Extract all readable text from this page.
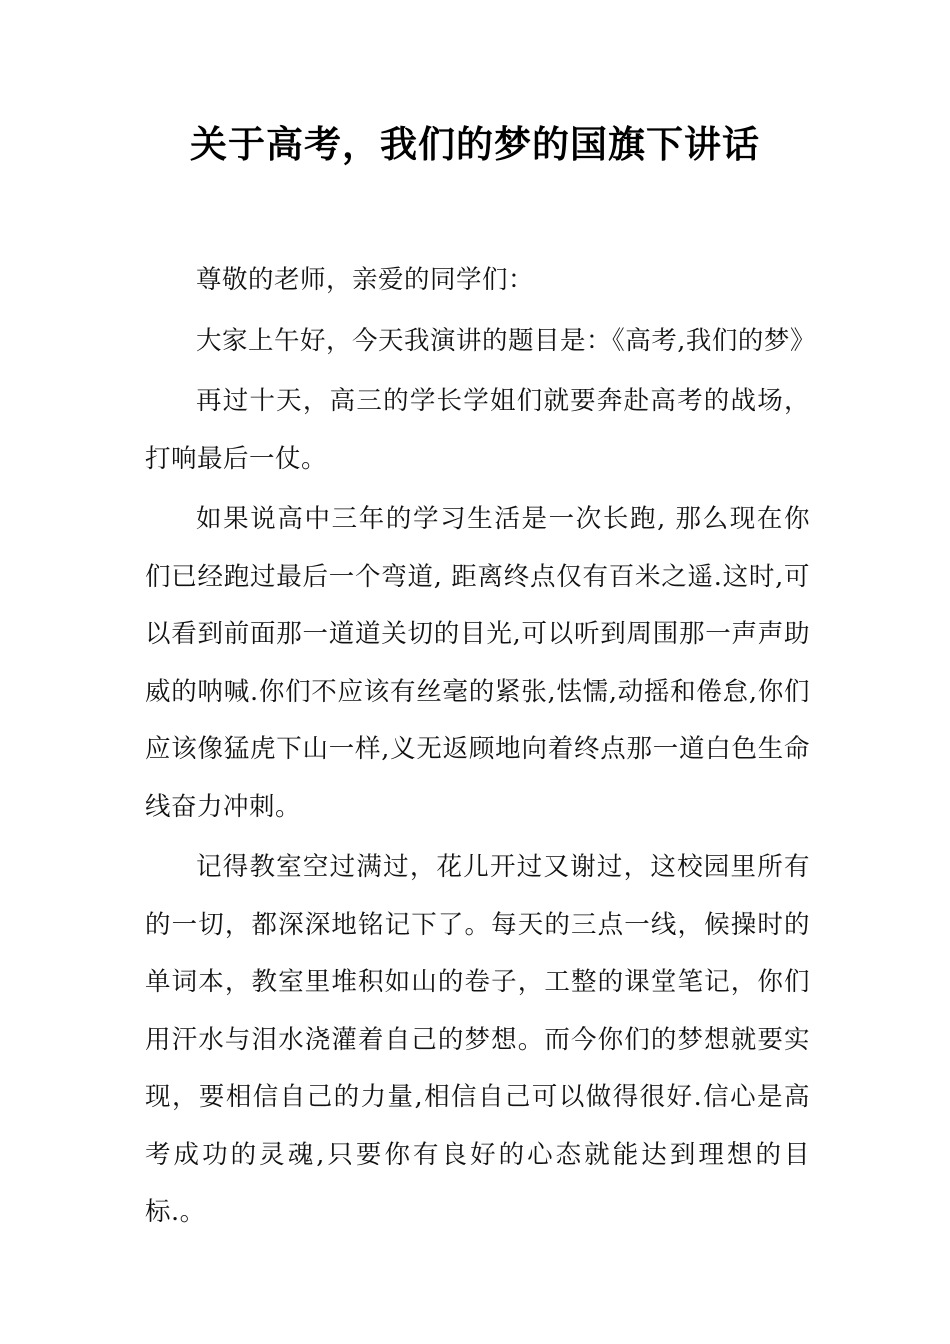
关于高考，我们的梦的国旗下讲话

尊敬的老师，亲爱的同学们：

大家上午好，今天我演讲的题目是：《高考,我们的梦》

再过十天，高三的学长学姐们就要奔赴高考的战场，打响最后一仗。

如果说高中三年的学习生活是一次长跑, 那么现在你们已经跑过最后一个弯道, 距离终点仅有百米之遥.这时,可以看到前面那一道道关切的目光,可以听到周围那一声声助威的呐喊.你们不应该有丝毫的紧张,怯懦,动摇和倦怠,你们应该像猛虎下山一样,义无返顾地向着终点那一道白色生命线奋力冲刺。

记得教室空过满过，花儿开过又谢过，这校园里所有的一切，都深深地铭记下了。每天的三点一线，候操时的单词本，教室里堆积如山的卷子，工整的课堂笔记，你们用汗水与泪水浇灌着自己的梦想。而今你们的梦想就要实现，要相信自己的力量,相信自己可以做得很好.信心是高考成功的灵魂,只要你有良好的心态就能达到理想的目标.。
